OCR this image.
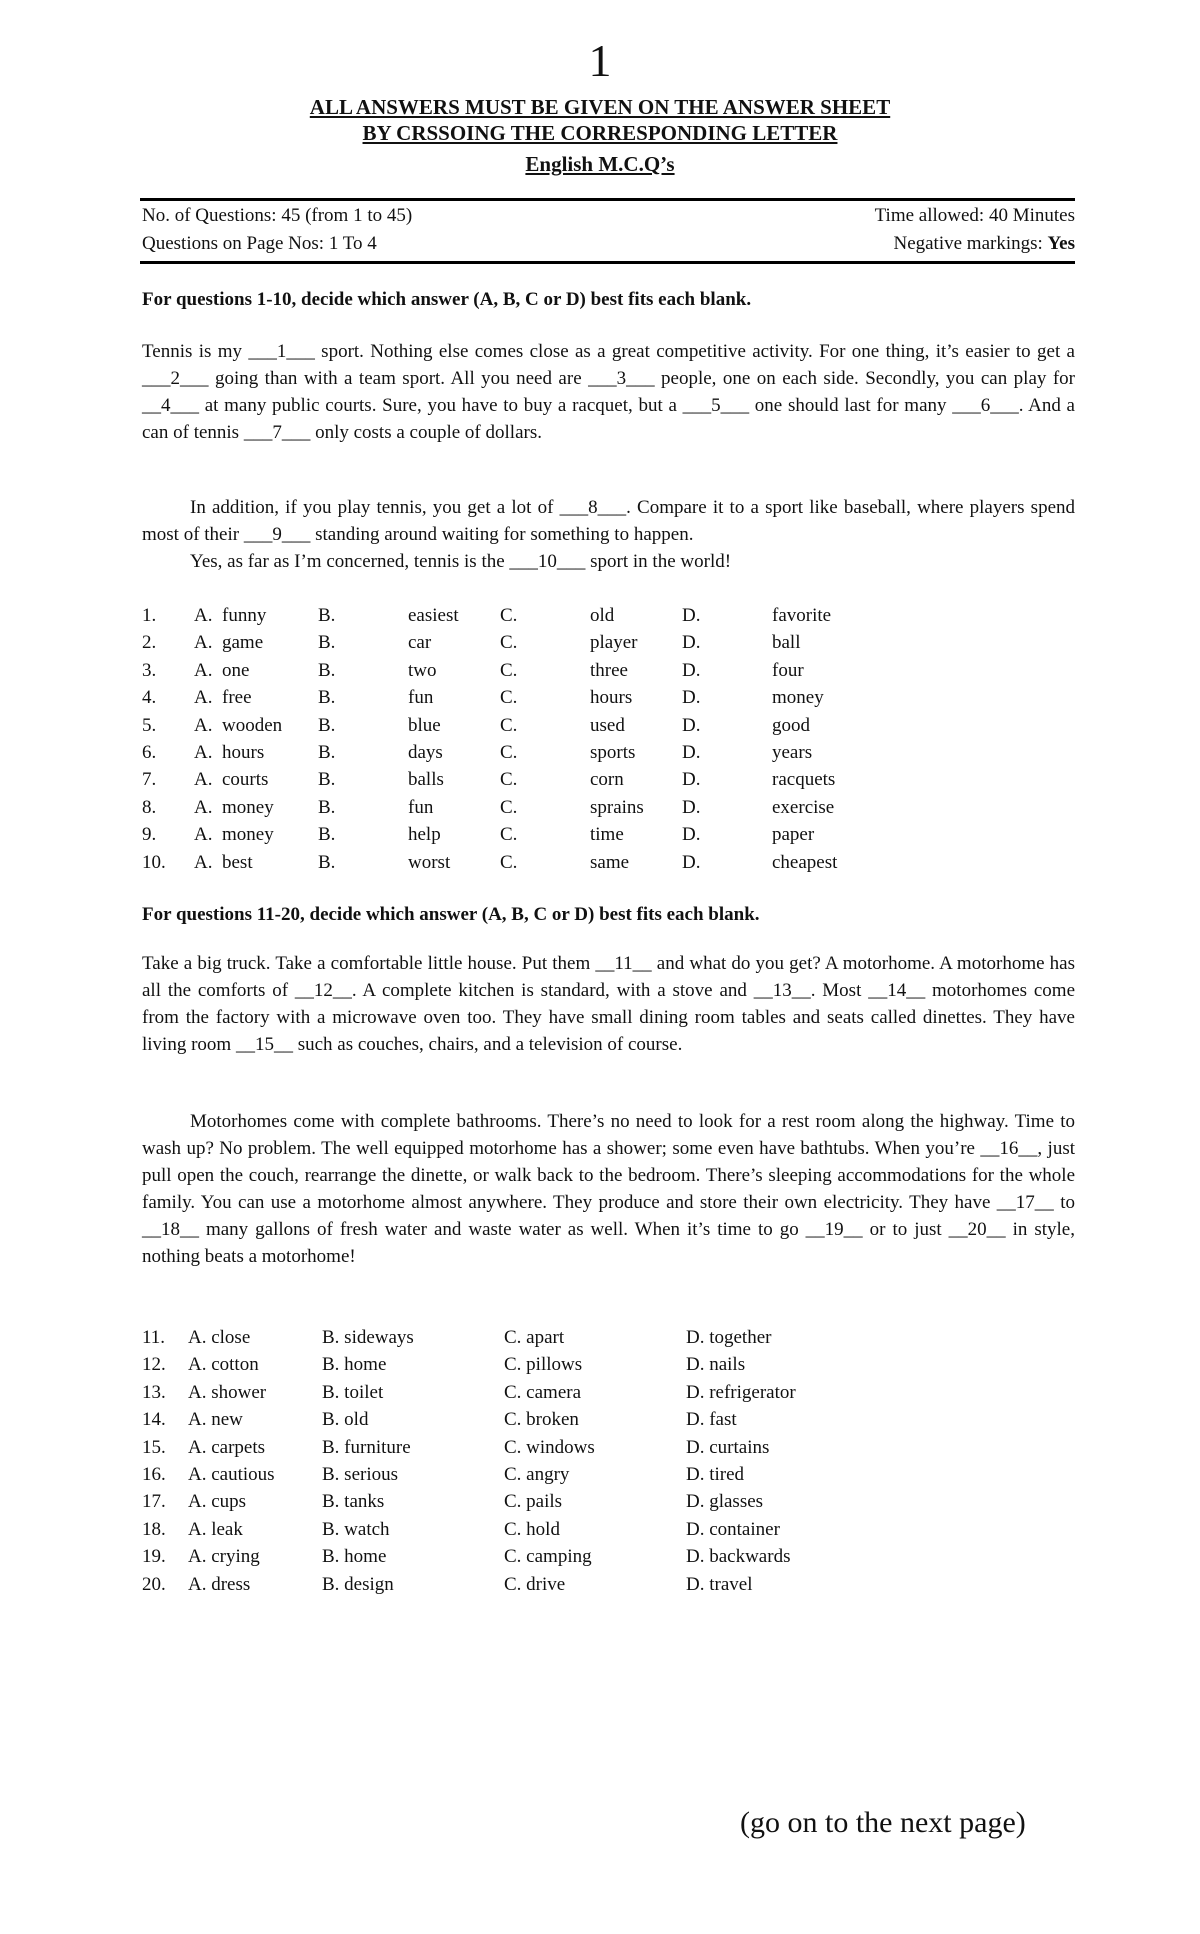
1
ALL ANSWERS MUST BE GIVEN ON THE ANSWER SHEET
BY CRSSOING THE CORRESPONDING LETTER
English M.C.Q’s
No. of Questions: 45 (from 1 to 45)	Time allowed: 40 Minutes
Questions on Page Nos: 1 To 4	Negative markings: Yes
For questions 1-10, decide which answer (A, B, C or D) best fits each blank.
Tennis is my ___1___ sport. Nothing else comes close as a great competitive activity. For one thing, it’s easier to get a ___2___ going than with a team sport. All you need are ___3___ people, one on each side. Secondly, you can play for __4___ at many public courts. Sure, you have to buy a racquet, but a ___5___ one should last for many ___6___. And a can of tennis ___7___ only costs a couple of dollars.
In addition, if you play tennis, you get a lot of ___8___. Compare it to a sport like baseball, where players spend most of their ___9___ standing around waiting for something to happen.
Yes, as far as I’m concerned, tennis is the ___10___ sport in the world!
1.	A. funny	B.	easiest	C.	old	D.	favorite
2.	A. game	B.	car	C.	player	D.	ball
3.	A. one	B.	two	C.	three	D.	four
4.	A. free	B.	fun	C.	hours	D.	money
5.	A. wooden	B.	blue	C.	used	D.	good
6.	A. hours	B.	days	C.	sports	D.	years
7.	A. courts	B.	balls	C.	corn	D.	racquets
8.	A. money	B.	fun	C.	sprains	D.	exercise
9.	A. money	B.	help	C.	time	D.	paper
10.	A. best	B.	worst	C.	same	D.	cheapest
For questions 11-20, decide which answer (A, B, C or D) best fits each blank.
Take a big truck. Take a comfortable little house. Put them __11__ and what do you get? A motorhome. A motorhome has all the comforts of __12__. A complete kitchen is standard, with a stove and __13__. Most __14__ motorhomes come from the factory with a microwave oven too. They have small dining room tables and seats called dinettes. They have living room __15__ such as couches, chairs, and a television of course.
Motorhomes come with complete bathrooms. There’s no need to look for a rest room along the highway. Time to wash up? No problem. The well equipped motorhome has a shower; some even have bathtubs. When you’re __16__, just pull open the couch, rearrange the dinette, or walk back to the bedroom. There’s sleeping accommodations for the whole family. You can use a motorhome almost anywhere. They produce and store their own electricity. They have __17__ to __18__ many gallons of fresh water and waste water as well. When it’s time to go __19__ or to just __20__ in style, nothing beats a motorhome!
11.	A. close	B. sideways	C. apart	D. together
12.	A. cotton	B. home	C. pillows	D. nails
13.	A. shower	B. toilet	C. camera	D. refrigerator
14.	A. new	B. old	C. broken	D. fast
15.	A. carpets	B. furniture	C. windows	D. curtains
16.	A. cautious	B. serious	C. angry	D. tired
17.	A. cups	B. tanks	C. pails	D. glasses
18.	A. leak	B. watch	C. hold	D. container
19.	A. crying	B. home	C. camping	D. backwards
20.	A. dress	B. design	C. drive	D. travel
(go on to the next page)
